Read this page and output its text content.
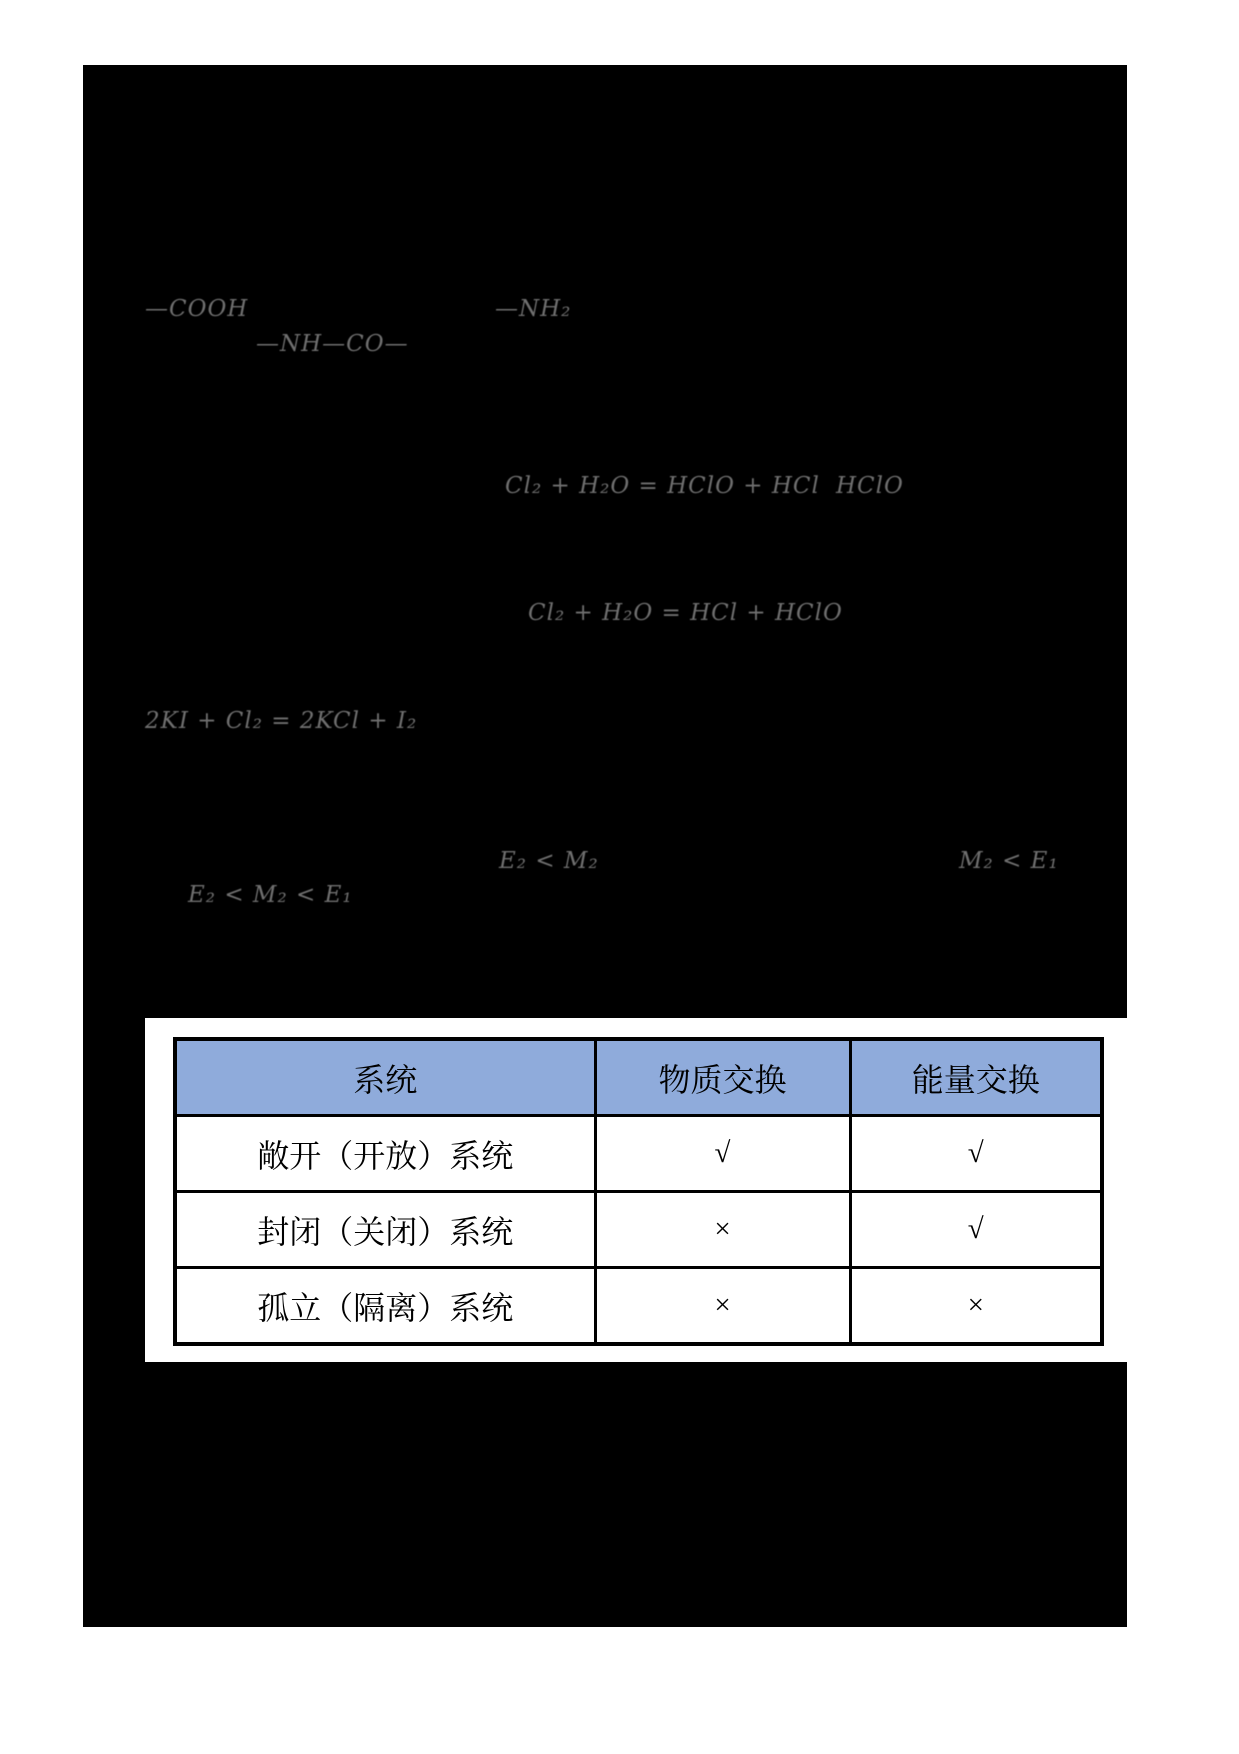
—COOH	—NH₂
—NH—CO—
Cl₂ + H₂O = HClO + HCl HClO
Cl₂ + H₂O = HCl + HClO
2KI + Cl₂ = 2KCl + I₂
E₂ < M₂	M₂ < E₁
E₂ < M₂ < E₁
系统	物质交换	能量交换
敞开（开放）系统	√	√
封闭（关闭）系统	×	√
孤立（隔离）系统	×	×
